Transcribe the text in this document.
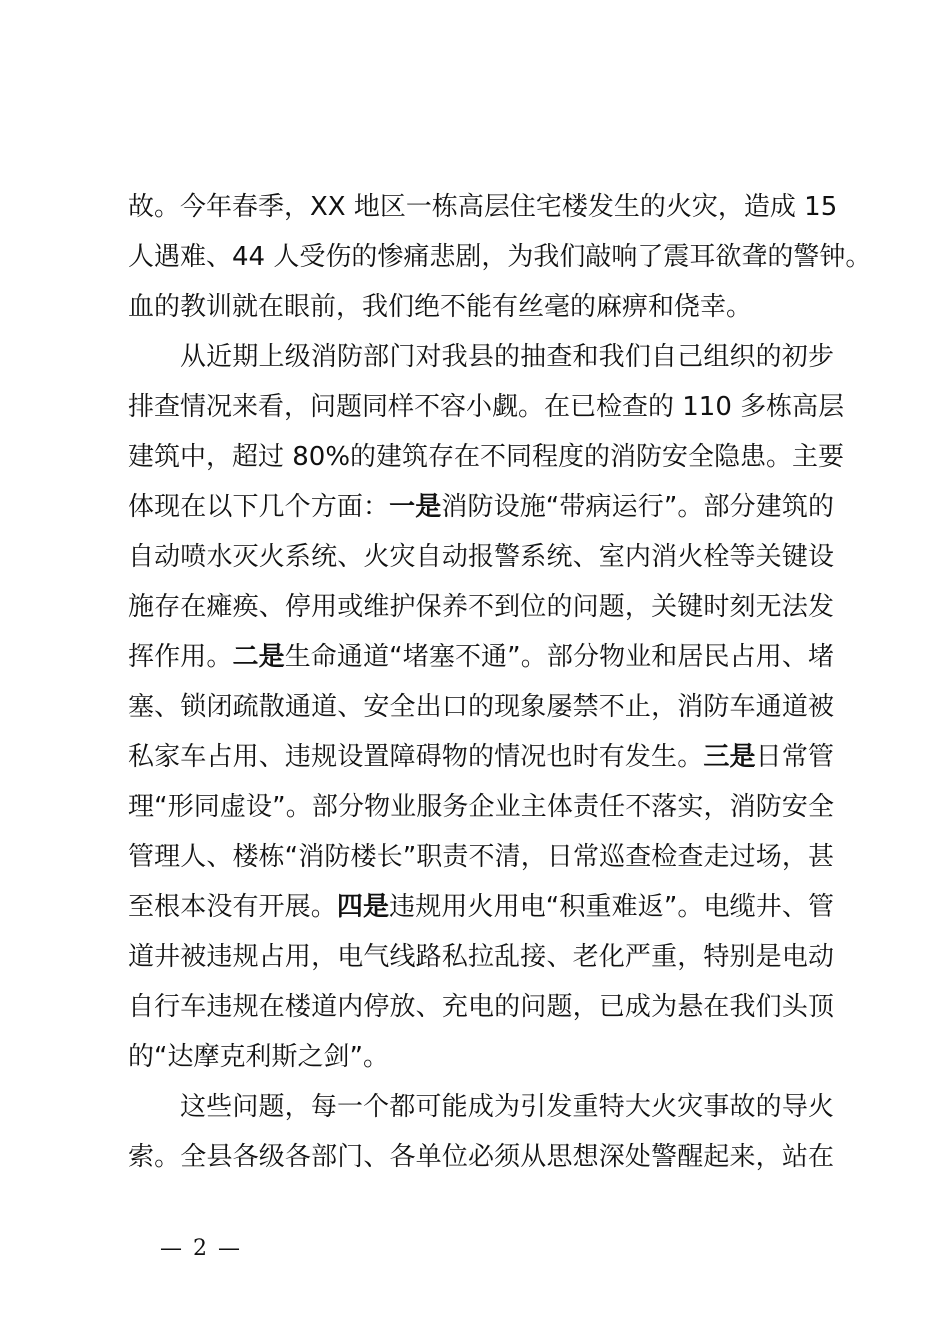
故。今年春季，XX 地区一栋高层住宅楼发生的火灾，造成 15
人遇难、44 人受伤的惨痛悲剧，为我们敲响了震耳欲聋的警钟。
血的教训就在眼前，我们绝不能有丝毫的麻痹和侥幸。
从近期上级消防部门对我县的抽查和我们自己组织的初步
排查情况来看，问题同样不容小觑。在已检查的 110 多栋高层
建筑中，超过 80%的建筑存在不同程度的消防安全隐患。主要
体现在以下几个方面：一是消防设施“带病运行”。部分建筑的
自动喷水灭火系统、火灾自动报警系统、室内消火栓等关键设
施存在瘫痪、停用或维护保养不到位的问题，关键时刻无法发
挥作用。二是生命通道“堵塞不通”。部分物业和居民占用、堵
塞、锁闭疏散通道、安全出口的现象屡禁不止，消防车通道被
私家车占用、违规设置障碍物的情况也时有发生。三是日常管
理“形同虚设”。部分物业服务企业主体责任不落实，消防安全
管理人、楼栋“消防楼长”职责不清，日常巡查检查走过场，甚
至根本没有开展。四是违规用火用电“积重难返”。电缆井、管
道井被违规占用，电气线路私拉乱接、老化严重，特别是电动
自行车违规在楼道内停放、充电的问题，已成为悬在我们头顶
的“达摩克利斯之剑”。
这些问题，每一个都可能成为引发重特大火灾事故的导火
索。全县各级各部门、各单位必须从思想深处警醒起来，站在
— 2 —
